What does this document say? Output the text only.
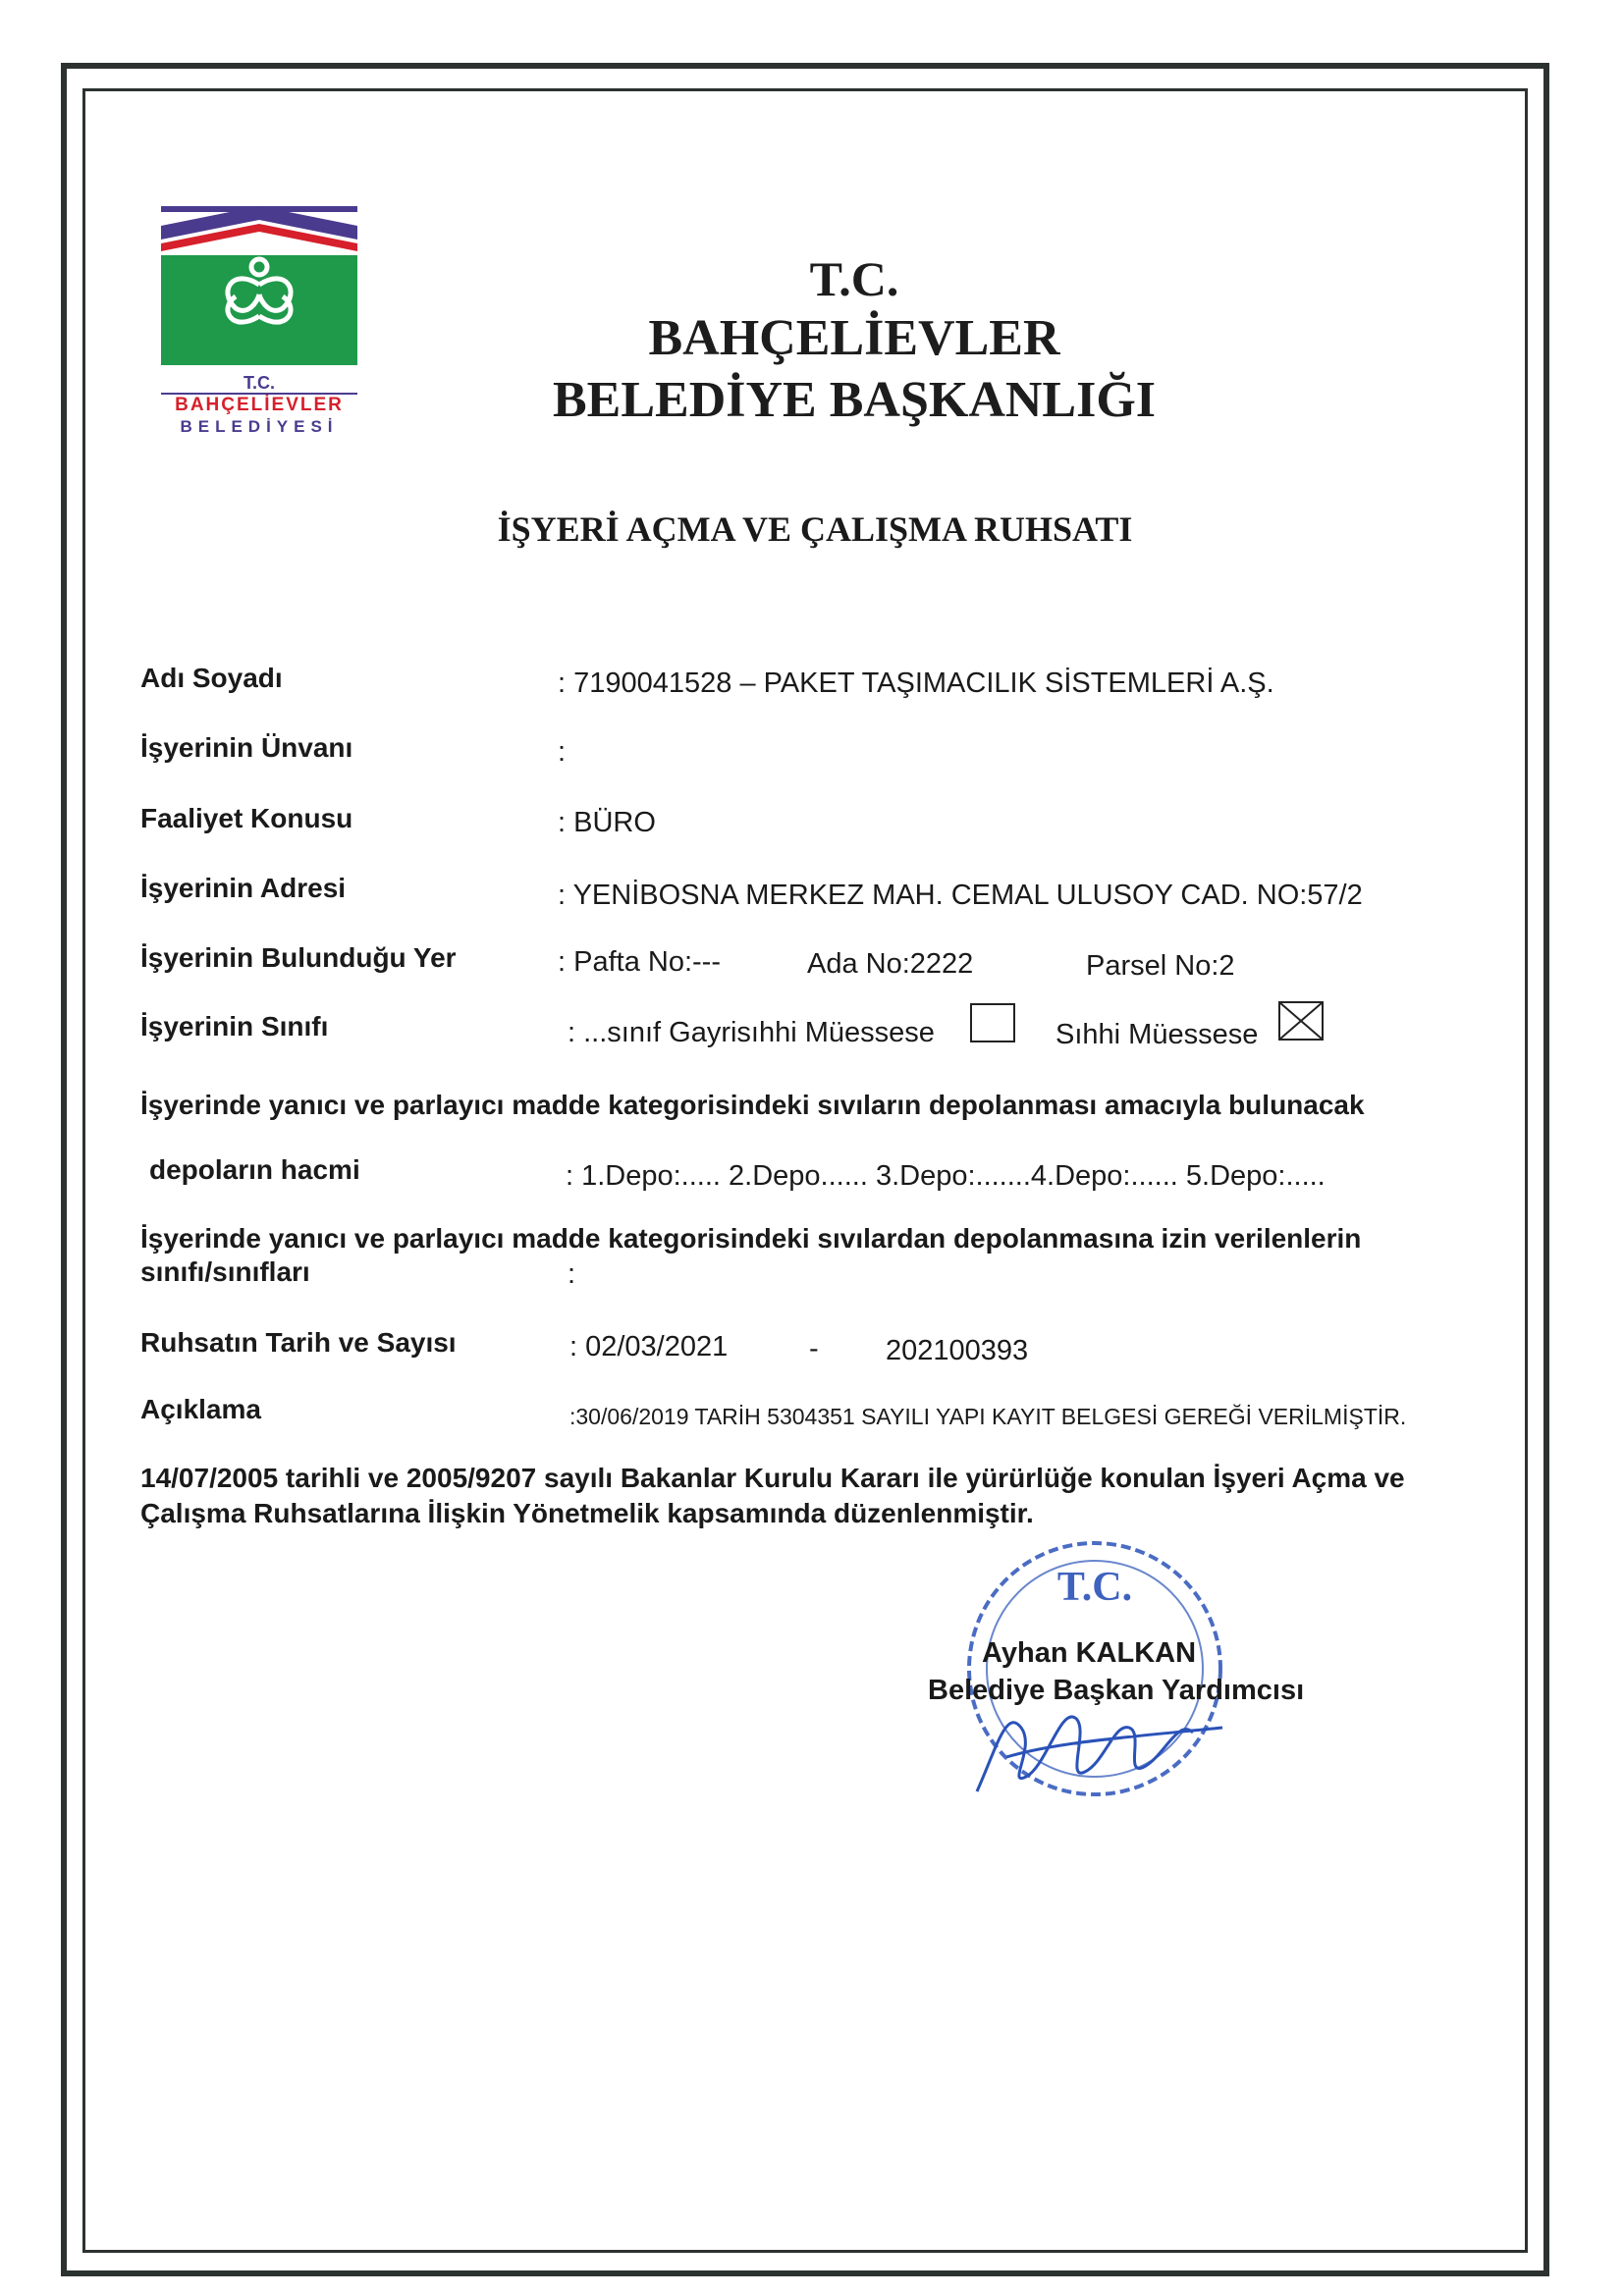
T.C.
BAHÇELİEVLER
BELEDİYESİ
T.C.
BAHÇELİEVLER
BELEDİYE BAŞKANLIĞI
İŞYERİ AÇMA VE ÇALIŞMA RUHSATI
Adı Soyadı	: 7190041528 – PAKET TAŞIMACILIK SİSTEMLERİ A.Ş.
İşyerinin Ünvanı	:
Faaliyet Konusu	: BÜRO
İşyerinin Adresi	: YENİBOSNA MERKEZ MAH. CEMAL ULUSOY CAD. NO:57/2
İşyerinin Bulunduğu Yer	: Pafta No:---	Ada No:2222	Parsel No:2
İşyerinin Sınıfı	: ...sınıf Gayrisıhhi Müessese	Sıhhi Müessese
İşyerinde yanıcı ve parlayıcı madde kategorisindeki sıvıların depolanması amacıyla bulunacak
depoların hacmi	: 1.Depo:..... 2.Depo...... 3.Depo:.......4.Depo:...... 5.Depo:.....
İşyerinde yanıcı ve parlayıcı madde kategorisindeki sıvılardan depolanmasına izin verilenlerin
sınıfı/sınıfları	:
Ruhsatın Tarih ve Sayısı	: 02/03/2021	- 202100393
Açıklama	:30/06/2019 TARİH 5304351 SAYILI YAPI KAYIT BELGESİ GEREĞİ VERİLMİŞTİR.
14/07/2005 tarihli ve 2005/9207 sayılı Bakanlar Kurulu Kararı ile yürürlüğe konulan İşyeri Açma ve Çalışma Ruhsatlarına İlişkin Yönetmelik kapsamında düzenlenmiştir.
T.C.
Ayhan KALKAN
Belediye Başkan Yardımcısı
